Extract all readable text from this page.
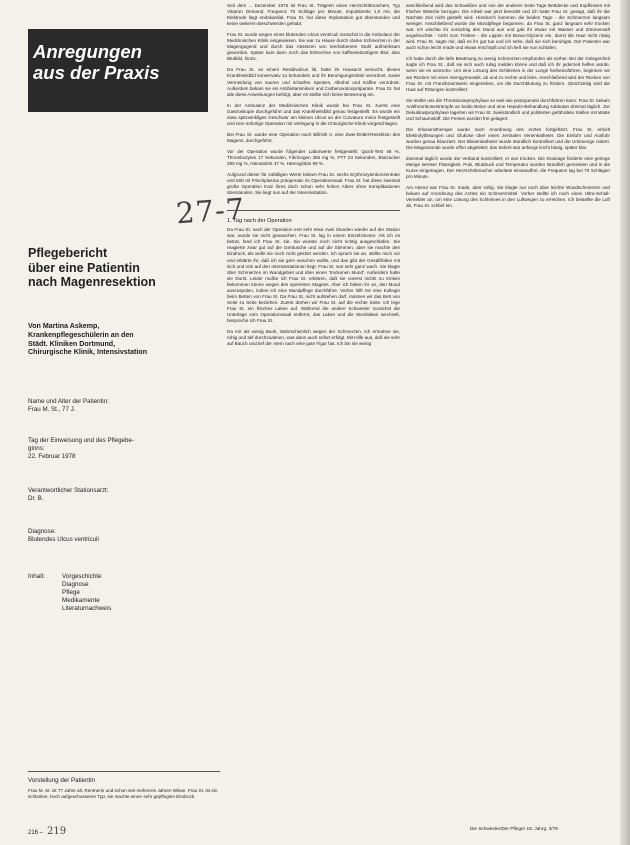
Anregungen
aus der Praxis
27-7
Pflegebericht
über eine Patientin
nach Magenresektion
Von Martina Askemp,
Krankenpflegeschülerin an den
Städt. Kliniken Dortmund,
Chirurgische Klinik, Intensivstation
Name und Alter der Patientin:
Frau M. St., 77 J.
Tag der Einweisung und des Pflegebe-
ginns:
22. Februar 1978
Verantwortlicher Stationsarzt:
Dr. B.
Diagnose:
Blutendes Ulcus ventriculi
Inhalt:	Vorgeschichte
Diagnose
Pflege
Medikamente
Literaturnachweis
Vorstellung der Patientin
Frau M. St. ist 77 Jahre alt, Rentnerin und schon seit mehreren Jahren Witwe. Frau St. ist ein schlanker, hoch aufgeschossener Typ; sie machte einen sehr gepflegten Eindruck.

Seit dem ... Dezember 1975 ist Frau St. Trägerin eines Herzschrittmachers, Typ Vitatron Demand, Frequenz 70 Schläge pro Minute, Impulsbreite 1,0 ms, die Elektrode liegt endokardial. Frau St. hat diese Implantation gut überstanden und keine weiteren Beschwerden gehabt.

Frau St. wurde wegen eines blutenden Ulcus ventriculi zunächst in die Ambulanz der Medizinischen Klinik eingewiesen. Sie war zu Hause durch starke Schmerzen in der Magengegend und durch das Absetzen von teerfarbenem Stuhl aufmerksam geworden. Später kam dann noch das Erbrechen von kaffeesatzartigem Blut, also Blutbild, hinzu.

Da Frau St. an einem Residivulcus litt, hatte ihr Hausarzt versucht, dieses Krankheitsbild konservativ zu behandeln und ihr Beruhigungsmittel verordnet, sowie Vermeidung von sauren und scharfen Speisen, Alkohol und Kaffee verordnet. Außerdem bekam sie ein Antihistaminikum und Carbenoxolonpräparate. Frau St. hat alle diese Anweisungen befolgt, aber es stellte sich keine Besserung ein.

In der Ambulanz der Medizinischen Klinik wurde bei Frau St. zuerst eine Gastroskopie durchgeführt und das Krankheitsbild genau festgestellt. Es wurde ein etwa spitzwinkliges Geschwür am kleinen Ulcus an der Curvatura minor festgestellt und eine sofortige Operation mit Verlegung in die Chirurgische Klinik vorgeschlagen.

Bei Frau St. wurde eine Operation nach Billroth II, eine Zwei-Drittel-Resektion des Magens, durchgeführt.

Vor der Operation wurde folgender Laborwerte festgestellt: Quick-Test 48 %, Thrombozyten 17 Sekunden, Fibrinogen 355 mg %, PTT 23 Sekunden, Blutzucker 290 mg %, Hämatokrit 47 %, Hämoglobin 99 %.

Aufgrund dieser für zufälligen Werte bekam Frau St. sechs Erythrozytenkonzentrate und 500 ml Frischplasma präoperativ im Operationssaal. Frau St. hat diese zweimal große Operation trotz ihres doch schon sehr hohen Alters ohne Komplikationen überstanden. Sie liegt nun auf der Intensivstation.

1. Tag nach der Operation

Da Frau St. nach der Operation erst sehr etwa zwei Stunden wieder auf der Station war, wurde sie nicht gewaschen. Frau St. lag in einem Einzelzimmer. Als ich es betrat, fand ich Frau St. sie. Sie wusste noch nicht richtig ausgeschlafen. Sie reagierte zwar gut auf die Geräusche und auf die Stimmen, aber sie machte den Eindruck, als wolle sie noch nicht gestört werden. Ich sprach sie an, stellte mich vor und erklärte ihr, daß ich sie gern waschen wollte, und das gibt der Gesäßfalten mit sich und rein auf den Intensivstationen liegt. Frau St. war sehr ganz wach. Sie klagte über Schmerzen im Wundgebiet und über einen 'trockenen Mund'. Außerdem hatte sie Durst. Leider mußte ich Frau St. erklären, daß sie vorerst nichts zu trinken bekommen könne wegen des operierten Magens. Aber ich bieten ihr an, den Mund auszuspülen, indem ich eine Mundpflege durchführe. Vorher hilft mir eine Kollegin beim Betten von Frau St. Da Frau St. nicht aufstehen darf, müssen wir das Bett von Seite zu Seite beziehen. Zuerst drehen wir Frau St. auf die rechte Seite. Ich lege Frau St. ein frisches Laken auf. Während die andere Schwester zunächst die Unterlage vom Operationssaal entfernt, das Laken und die Stecklaken wechselt, bespreche ich Frau St.

Da mir als wenig Bank, Wahrscheinlich wegen der Schmerzen. Ich ermahne sie, ruhig und tief durchzuatmen, was dann auch sofort erfolgt. Mit Hilfe aus, daß sie sehr auf Bauch und tief der Atem nach eine gute Figur hat. Ich bin sie wenig

anschließend wird das Schweißen und von der anderen Seite Tage Bettdecke und Kopfkissen mit frischer Wäsche bezogen. Die Arbeit war jetzt beendet und ich hatte Frau St. gesagt, daß ihr die Nächste Zeit nicht gestellt wird. Hierdurch kommen die beiden Tage - die Schmerzen langsam weniger. Anschließend wurde die Mundpflege begonnen, da Frau St. ganz langsam sehr trocken war. Ich wischte ihr vorsichtig den Mund aus und gab ihr etwas mit Wasser und Zitronensaft angefeuchtet - nicht zum Trinken - die Lippen mit Borax-Glyzerin ein, damit die Haut nicht rissig wird. Frau St. sagte mir, daß es ihr gut tue und ich sehe, daß sie sich beruhigte. Der Patientin war auch schon leicht müde und etwas erschöpft und ich ließ sie nun schlafen.

Ich habe durch die tiefe Beatmung zu wenig Schmerzen empfunden als vorher. Bei der Gelegenheit sagte ich Frau St., daß sie sich auch ruhig melden könne und daß ich ihr jederzeit helfen würde, wenn sie es wünsche. Um eine Lösung des Schleimes in der Lunge herbeizuführen, beginnen wir am Rücken mit einer Atemgymnastik, ab und zu rechts und links. Anschließend wird der Rücken von Frau St. mit Franzbranntwein eingerieben, um die Durchblutung zu fördern. Gleichzeitig wird die Haut auf Rötungen kontrolliert.

Sie stellte uns die Thromboseprophylaxe so weit wie postoperativ durchführen kann: Frau St. bekam Antithrombosestrümpfe an beide Beine und eine Heparin-Behandlung subkutan dreimal täglich. Zur Dekubitusprophylaxe lagerten wir Frau St. zweistündlich und polsterten gefährdete Stellen mit Watte und Schaumstoff. Die Fersen wurden frei gelagert.

Die Infusionstherapie wurde nach Anordnung des Arztes fortgeführt. Frau St. erhielt Elektrolytlösungen und Glukose über einen zentralen Venenkatheter. Die Einfuhr und Ausfuhr wurden genau bilanziert. Der Blasenkatheter wurde stündlich kontrolliert und die Urinmenge notiert. Die Magensonde wurde offen abgeleitet; das Sekret war anfangs leicht blutig, später klar.

Zweimal täglich wurde der Verband kontrolliert; er war trocken. Die Drainage förderte eine geringe Menge seröser Flüssigkeit. Puls, Blutdruck und Temperatur wurden stündlich gemessen und in die Kurve eingetragen. Der Herzschrittmacher arbeitete einwandfrei; die Frequenz lag bei 70 Schlägen pro Minute.

Am Abend war Frau St. müde, aber ruhig. Sie klagte nur noch über leichte Wundschmerzen und bekam auf Anordnung des Arztes ein Schmerzmittel. Vorher stellte ich noch einen Ultra-Schall-Vernebler an, um eine Lösung des Schleimes in den Luftwegen zu erreichen. Ich bestellte die Luft ab, Frau St. schlief ein.

216 – 219	Die Schwester/Der Pfleger 18. Jahrg. 3/79
